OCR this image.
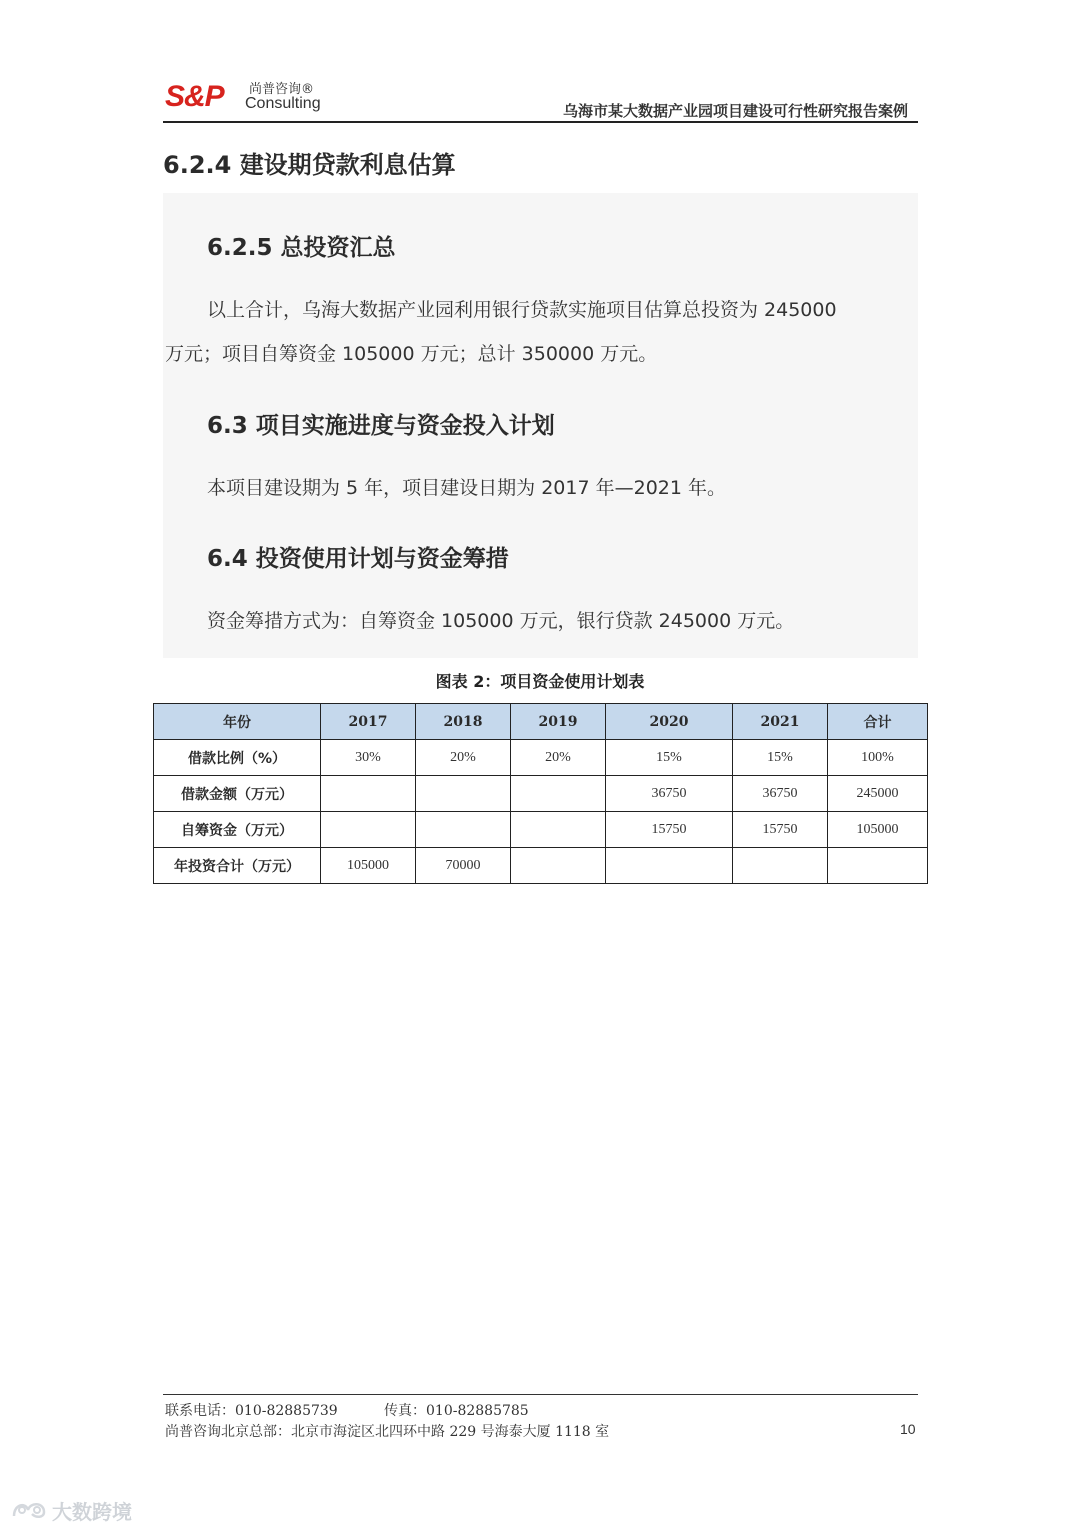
S&P 尚普咨询®
Consulting	乌海市某大数据产业园项目建设可行性研究报告案例
6.2.4 建设期贷款利息估算
6.2.5 总投资汇总
以上合计，乌海大数据产业园利用银行贷款实施项目估算总投资为 245000
万元；项目自筹资金 105000 万元；总计 350000 万元。
6.3 项目实施进度与资金投入计划
本项目建设期为 5 年，项目建设日期为 2017 年—2021 年。
6.4 投资使用计划与资金筹措
资金筹措方式为：自筹资金 105000 万元，银行贷款 245000 万元。
图表 2：项目资金使用计划表
年份	2017	2018	2019	2020	2021	合计
借款比例（%）	30%	20%	20%	15%	15%	100%
借款金额（万元）				36750	36750	245000
自筹资金（万元）				15750	15750	105000
年投资合计（万元）	105000	70000				
联系电话：010-82885739	传真：010-82885785
尚普咨询北京总部：北京市海淀区北四环中路 229 号海泰大厦 1118 室	10
大数跨境
